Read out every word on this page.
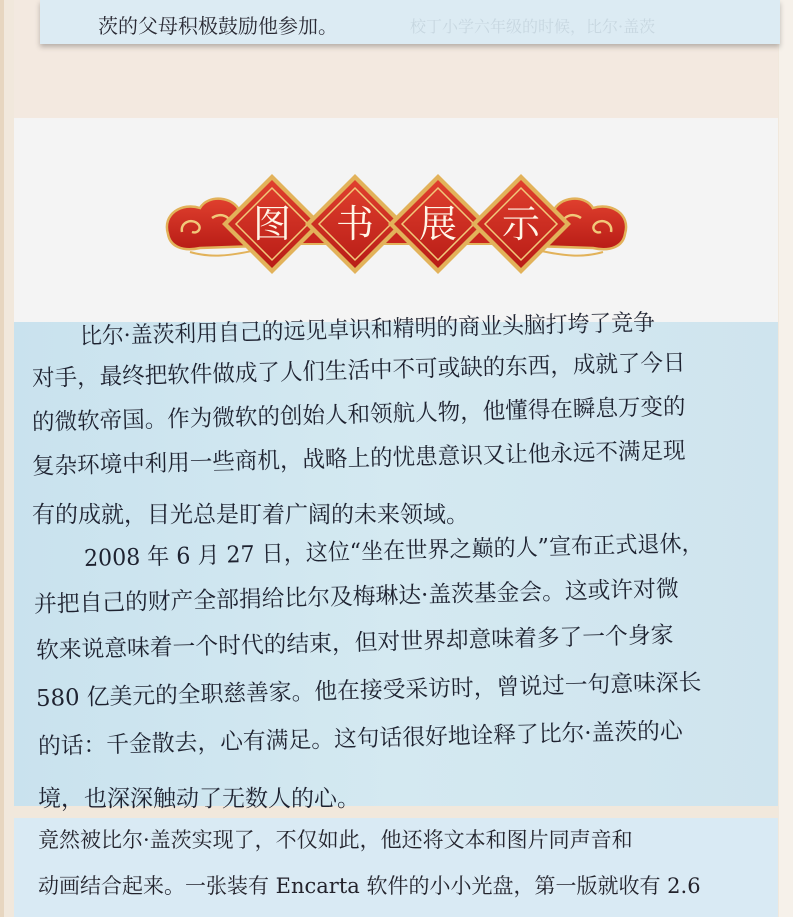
校丁小学六年级的时候，比尔·盖茨
茨的父母积极鼓励他参加。
图 书 展 示
比尔·盖茨利用自己的远见卓识和精明的商业头脑打垮了竞争
对手，最终把软件做成了人们生活中不可或缺的东西，成就了今日
的微软帝国。作为微软的创始人和领航人物，他懂得在瞬息万变的
复杂环境中利用一些商机，战略上的忧患意识又让他永远不满足现
有的成就，目光总是盯着广阔的未来领域。
2008 年 6 月 27 日，这位“坐在世界之巅的人”宣布正式退休，
并把自己的财产全部捐给比尔及梅琳达·盖茨基金会。这或许对微
软来说意味着一个时代的结束，但对世界却意味着多了一个身家
580 亿美元的全职慈善家。他在接受采访时，曾说过一句意味深长
的话：千金散去，心有满足。这句话很好地诠释了比尔·盖茨的心
境，也深深触动了无数人的心。
竟然被比尔·盖茨实现了，不仅如此，他还将文本和图片同声音和
动画结合起来。一张装有 Encarta 软件的小小光盘，第一版就收有 2.6
